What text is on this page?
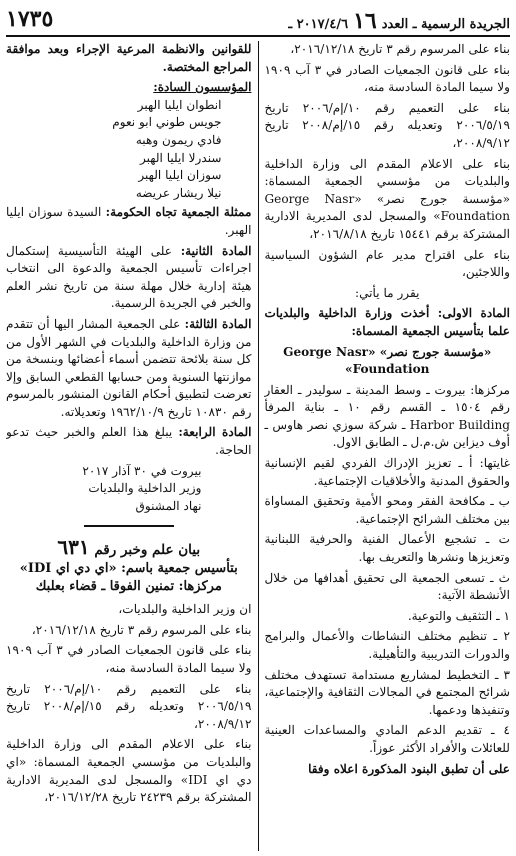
الجريدة الرسمية ـ العدد
١٦
٢٠١٧/٤/٦ ـ
١٧٣٥

بناء على المرسوم رقم ٣ تاريخ ٢٠١٦/١٢/١٨،

بناء على قانون الجمعيات الصادر في ٣ آب ١٩٠٩ ولا سيما المادة السادسة منه،

بناء على التعميم رقم ١٠/إم/٢٠٠٦ تاريخ ٢٠٠٦/٥/١٩ وتعديله رقم ١٥/إم/٢٠٠٨ تاريخ ٢٠٠٨/٩/١٢،

بناء على الاعلام المقدم الى وزارة الداخلية والبلديات من مؤسسي الجمعية المسماة: «مؤسسة جورج نصر» «George Nasr Foundation» والمسجل لدى المديرية الادارية المشتركة برقم ١٥٤٤١ تاريخ ٢٠١٦/٨/١٨،

بناء على اقتراح مدير عام الشؤون السياسية واللاجئين،

يقرر ما يأتي:

المادة الاولى: أخذت وزارة الداخلية والبلديات علما بتأسيس الجمعية المسماة:

«مؤسسة جورج نصر» «George Nasr Foundation»

مركزها: بيروت ـ وسط المدينة ـ سوليدر ـ العقار رقم ١٥٠٤ ـ القسم رقم ١٠ ـ بناية المرفأ Harbor Building ـ شركة سوزي نصر هاوس ـ أوف ديزاين ش.م.ل ـ الطابق الاول.

غايتها: أ ـ تعزيز الإدراك الفردي لقيم الإنسانية والحقوق المدنية والأخلاقيات الإجتماعية.

ب ـ مكافحة الفقر ومحو الأمية وتحقيق المساواة بين مختلف الشرائح الإجتماعية.

ت ـ تشجيع الأعمال الفنية والحرفية اللبنانية وتعزيزها ونشرها والتعريف بها.

ث ـ تسعى الجمعية الى تحقيق أهدافها من خلال الأنشطة الآتية:

١ ـ التثقيف والتوعية.

٢ ـ تنظيم مختلف النشاطات والأعمال والبرامج والدورات التدريبية والتأهيلية.

٣ ـ التخطيط لمشاريع مستدامة تستهدف مختلف شرائح المجتمع في المجالات الثقافية والإجتماعية، وتنفيذها ودعمها.

٤ ـ تقديم الدعم المادي والمساعدات العينية للعائلات والأفراد الأكثر عوزاً.

على أن تطبق البنود المذكورة اعلاه وفقا

للقوانين والانظمة المرعية الإجراء وبعد موافقة المراجع المختصة.

المؤسسون السادة:
انطوان ايليا الهبر
جويس طوني ابو نعوم
فادي ريمون وهبه
سندرلا ايليا الهبر
سوزان ايليا الهبر
نيلا ريشار عريضه

ممثلة الجمعية تجاه الحكومة: السيدة سوزان ايليا الهبر.

المادة الثانية: على الهيئة التأسيسية إستكمال اجراءات تأسيس الجمعية والدعوة الى انتخاب هيئة إدارية خلال مهلة سنة من تاريخ نشر العلم والخبر في الجريدة الرسمية.

المادة الثالثة: على الجمعية المشار اليها أن تتقدم من وزارة الداخلية والبلديات في الشهر الأول من كل سنة بلائحة تتضمن أسماء أعضائها وبنسخة من موازنتها السنوية ومن حسابها القطعي السابق وإلا تعرضت لتطبيق أحكام القانون المنشور بالمرسوم رقم ١٠٨٣٠ تاريخ ١٩٦٢/١٠/٩ وتعديلاته.

المادة الرابعة: يبلغ هذا العلم والخبر حيث تدعو الحاجة.

بيروت في ٣٠ آذار ٢٠١٧
وزير الداخلية والبلديات
نهاد المشنوق
بيان علم وخبر رقم ٦٣١
بتأسيس جمعية باسم: «اي دي اي IDI»
مركزها: تمنين الفوقا ـ قضاء بعلبك

ان وزير الداخلية والبلديات،

بناء على المرسوم رقم ٣ تاريخ ٢٠١٦/١٢/١٨،

بناء على قانون الجمعيات الصادر في ٣ آب ١٩٠٩ ولا سيما المادة السادسة منه،

بناء على التعميم رقم ١٠/إم/٢٠٠٦ تاريخ ٢٠٠٦/٥/١٩ وتعديله رقم ١٥/إم/٢٠٠٨ تاريخ ٢٠٠٨/٩/١٢،

بناء على الاعلام المقدم الى وزارة الداخلية والبلديات من مؤسسي الجمعية المسماة: «اي دي اي IDI» والمسجل لدى المديرية الادارية المشتركة برقم ٢٤٢٣٩ تاريخ ٢٠١٦/١٢/٢٨،
